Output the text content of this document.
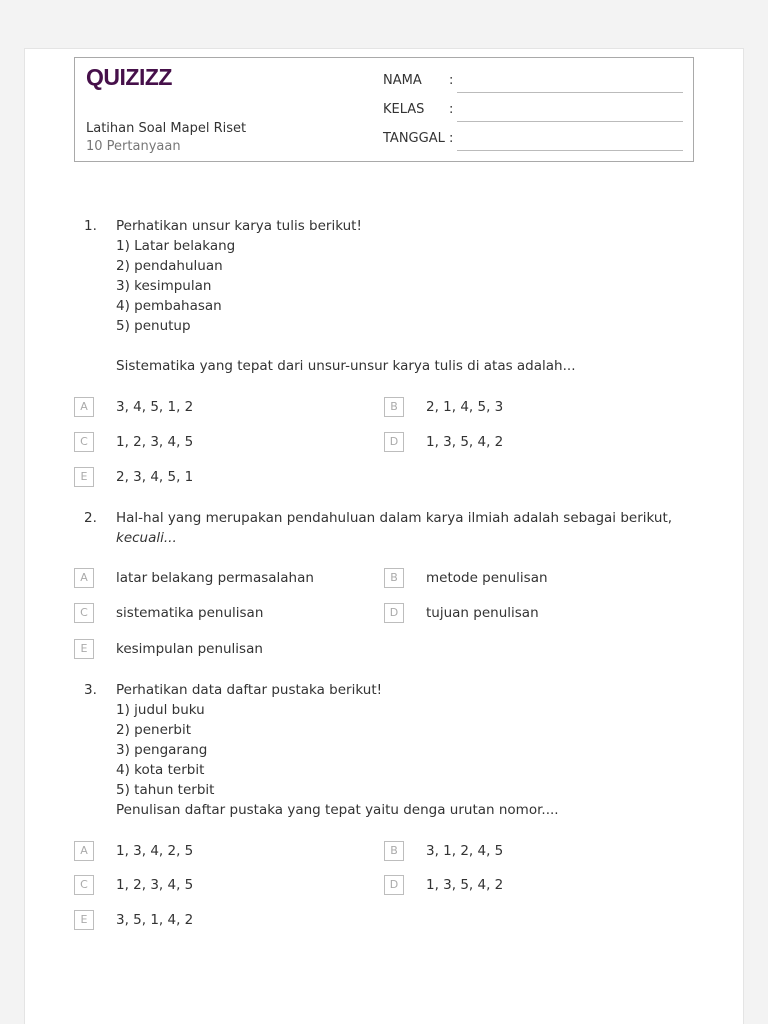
QUIZIZZ
Latihan Soal Mapel Riset
10 Pertanyaan
NAMA :
KELAS :
TANGGAL :
1. Perhatikan unsur karya tulis berikut!
1) Latar belakang
2) pendahuluan
3) kesimpulan
4) pembahasan
5) penutup
Sistematika yang tepat dari unsur-unsur karya tulis di atas adalah...
A	3, 4, 5, 1, 2	B	2, 1, 4, 5, 3
C	1, 2, 3, 4, 5	D	1, 3, 5, 4, 2
E	2, 3, 4, 5, 1
2. Hal-hal yang merupakan pendahuluan dalam karya ilmiah adalah sebagai berikut,
kecuali...
A	latar belakang permasalahan	B	metode penulisan
C	sistematika penulisan	D	tujuan penulisan
E	kesimpulan penulisan
3. Perhatikan data daftar pustaka berikut!
1) judul buku
2) penerbit
3) pengarang
4) kota terbit
5) tahun terbit
Penulisan daftar pustaka yang tepat yaitu denga urutan nomor....
A	1, 3, 4, 2, 5	B	3, 1, 2, 4, 5
C	1, 2, 3, 4, 5	D	1, 3, 5, 4, 2
E	3, 5, 1, 4, 2
